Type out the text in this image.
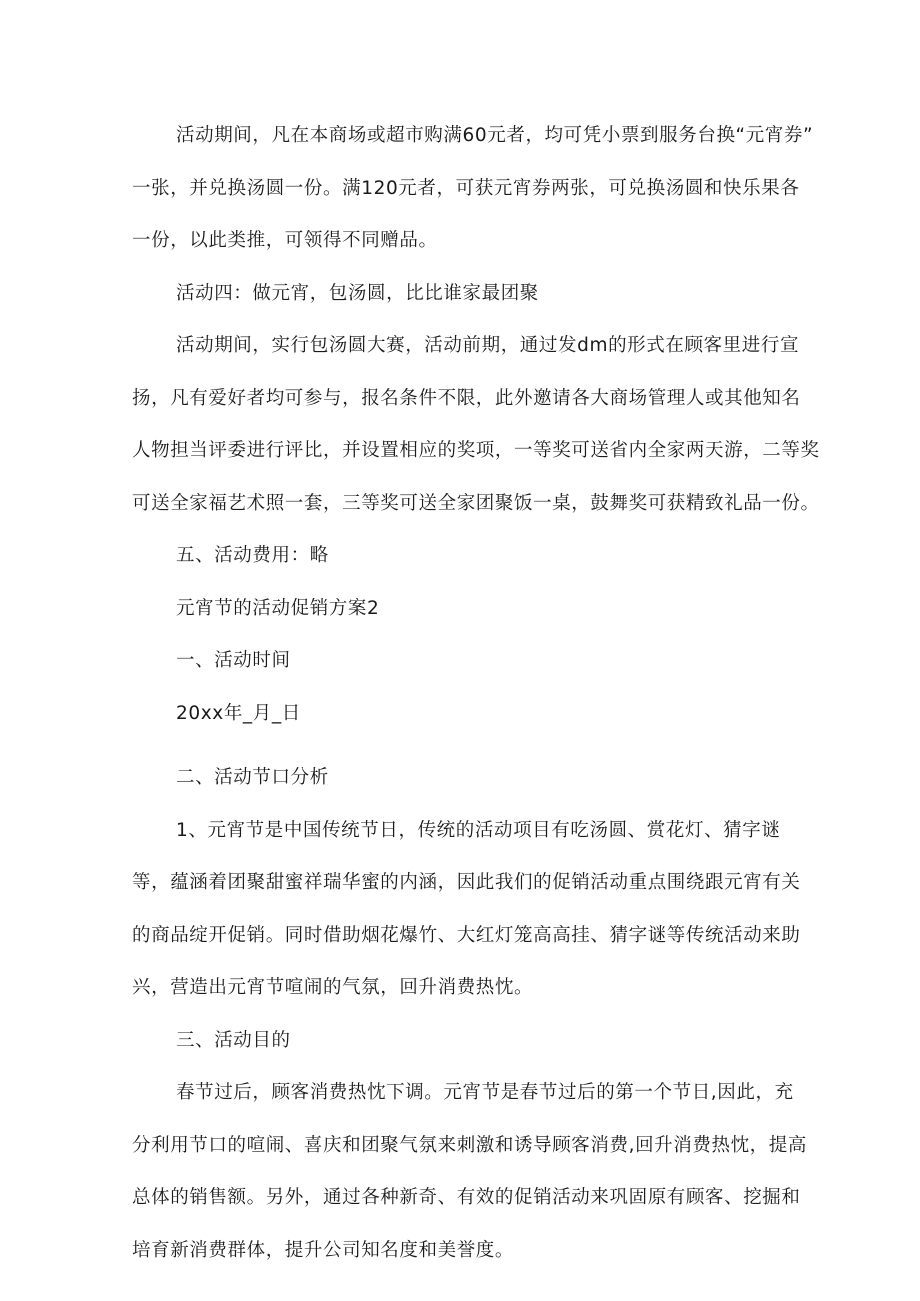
活动期间，凡在本商场或超市购满60元者，均可凭小票到服务台换“元宵券”
一张，并兑换汤圆一份。满120元者，可获元宵券两张，可兑换汤圆和快乐果各
一份，以此类推，可领得不同赠品。

活动四：做元宵，包汤圆，比比谁家最团聚

活动期间，实行包汤圆大赛，活动前期，通过发dm的形式在顾客里进行宣
扬，凡有爱好者均可参与，报名条件不限，此外邀请各大商场管理人或其他知名
人物担当评委进行评比，并设置相应的奖项，一等奖可送省内全家两天游，二等奖
可送全家福艺术照一套，三等奖可送全家团聚饭一桌，鼓舞奖可获精致礼品一份。

五、活动费用：略

元宵节的活动促销方案2

一、活动时间

20xx年_月_日

二、活动节口分析

1、元宵节是中国传统节日，传统的活动项目有吃汤圆、赏花灯、猜字谜
等，蕴涵着团聚甜蜜祥瑞华蜜的内涵，因此我们的促销活动重点围绕跟元宵有关
的商品绽开促销。同时借助烟花爆竹、大红灯笼高高挂、猜字谜等传统活动来助
兴，营造出元宵节喧闹的气氛，回升消费热忱。

三、活动目的

春节过后，顾客消费热忱下调。元宵节是春节过后的第一个节日,因此，充
分利用节口的喧闹、喜庆和团聚气氛来刺激和诱导顾客消费,回升消费热忱，提高
总体的销售额。另外，通过各种新奇、有效的促销活动来巩固原有顾客、挖掘和
培育新消费群体，提升公司知名度和美誉度。
